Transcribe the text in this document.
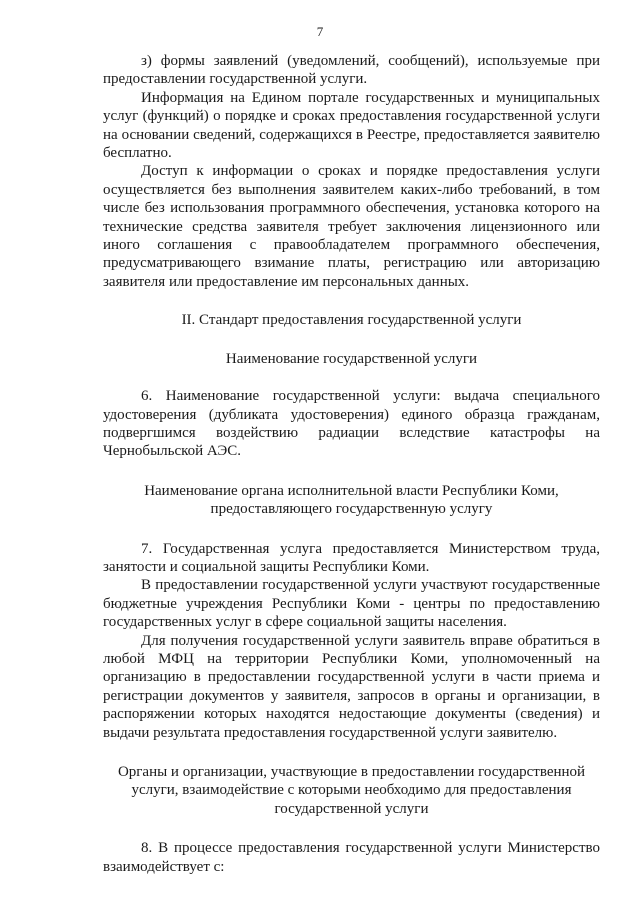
7

з) формы заявлений (уведомлений, сообщений), используемые при предоставлении государственной услуги.

Информация на Едином портале государственных и муниципальных услуг (функций) о порядке и сроках предоставления государственной услуги на основании сведений, содержащихся в Реестре, предоставляется заявителю бесплатно.

Доступ к информации о сроках и порядке предоставления услуги осуществляется без выполнения заявителем каких-либо требований, в том числе без использования программного обеспечения, установка которого на технические средства заявителя требует заключения лицензионного или иного соглашения с правообладателем программного обеспечения, предусматривающего взимание платы, регистрацию или авторизацию заявителя или предоставление им персональных данных.

II. Стандарт предоставления государственной услуги
Наименование государственной услуги

6. Наименование государственной услуги: выдача специального удостоверения (дубликата удостоверения) единого образца гражданам, подвергшимся воздействию радиации вследствие катастрофы на Чернобыльской АЭС.

Наименование органа исполнительной власти Республики Коми,
предоставляющего государственную услугу

7. Государственная услуга предоставляется Министерством труда, занятости и социальной защиты Республики Коми.

В предоставлении государственной услуги участвуют государственные бюджетные учреждения Республики Коми - центры по предоставлению государственных услуг в сфере социальной защиты населения.

Для получения государственной услуги заявитель вправе обратиться в любой МФЦ на территории Республики Коми, уполномоченный на организацию в предоставлении государственной услуги в части приема и регистрации документов у заявителя, запросов в органы и организации, в распоряжении которых находятся недостающие документы (сведения) и выдачи результата предоставления государственной услуги заявителю.

Органы и организации, участвующие в предоставлении государственной
услуги, взаимодействие с которыми необходимо для предоставления
государственной услуги

8. В процессе предоставления государственной услуги Министерство взаимодействует с:
